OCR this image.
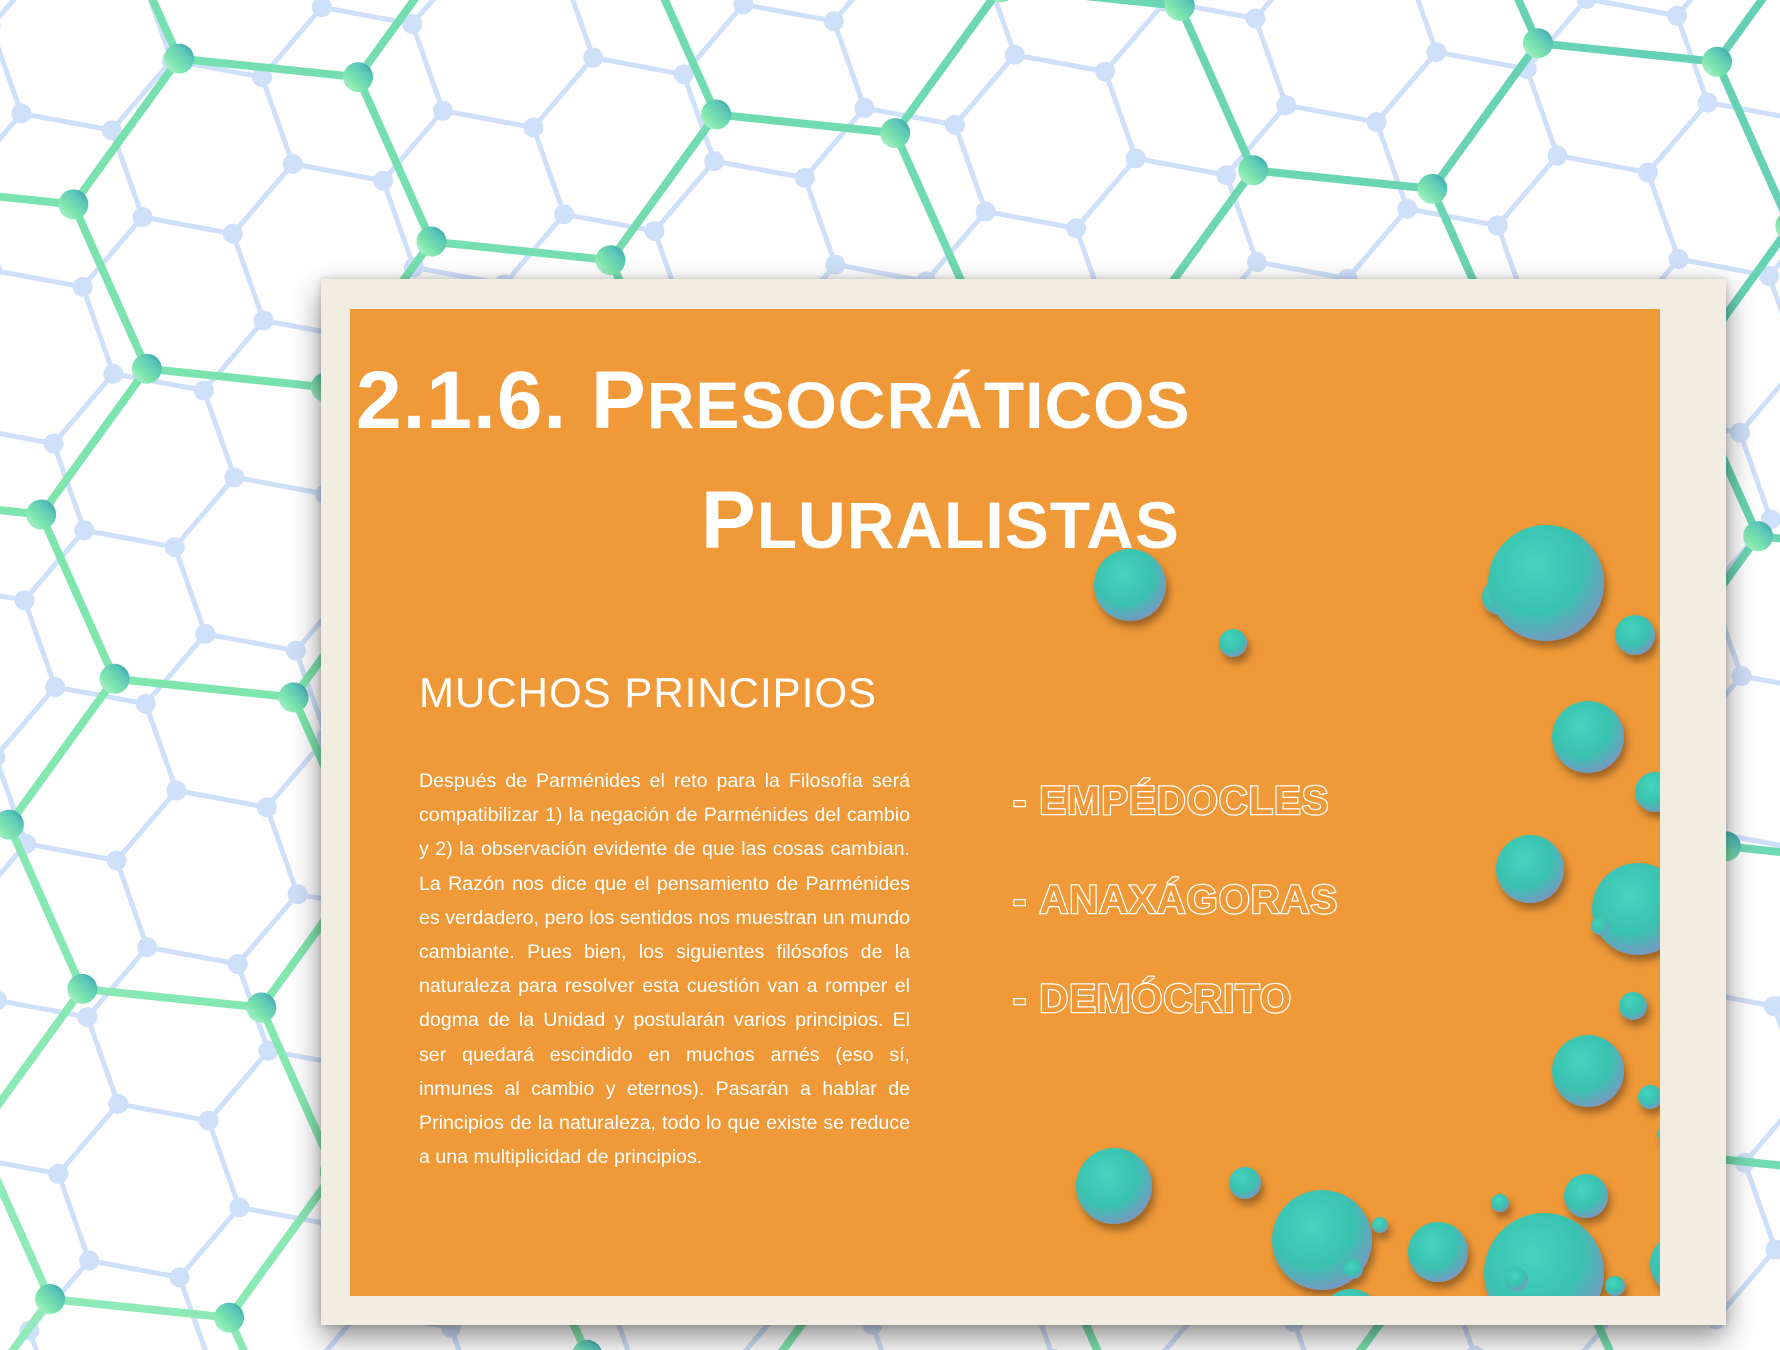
2.1.6. PRESOCRÁTICOS
PLURALISTAS
MUCHOS PRINCIPIOS

Después de Parménides el reto para la Filosofía será compatibilizar 1) la negación de Parménides del cambio y 2) la observación evidente de que las cosas cambian. La Razón nos dice que el pensamiento de Parménides es verdadero, pero los sentidos nos muestran un mundo cambiante. Pues bien, los siguientes filósofos de la naturaleza para resolver esta cuestión van a romper el dogma de la Unidad y postularán varios principios. El ser quedará escindido en muchos arnés (eso sí, inmunes al cambio y eternos). Pasarán a hablar de Principios de la naturaleza, todo lo que existe se reduce a una multiplicidad de principios.

- EMPÉDOCLES
- ANAXÁGORAS
- DEMÓCRITO
